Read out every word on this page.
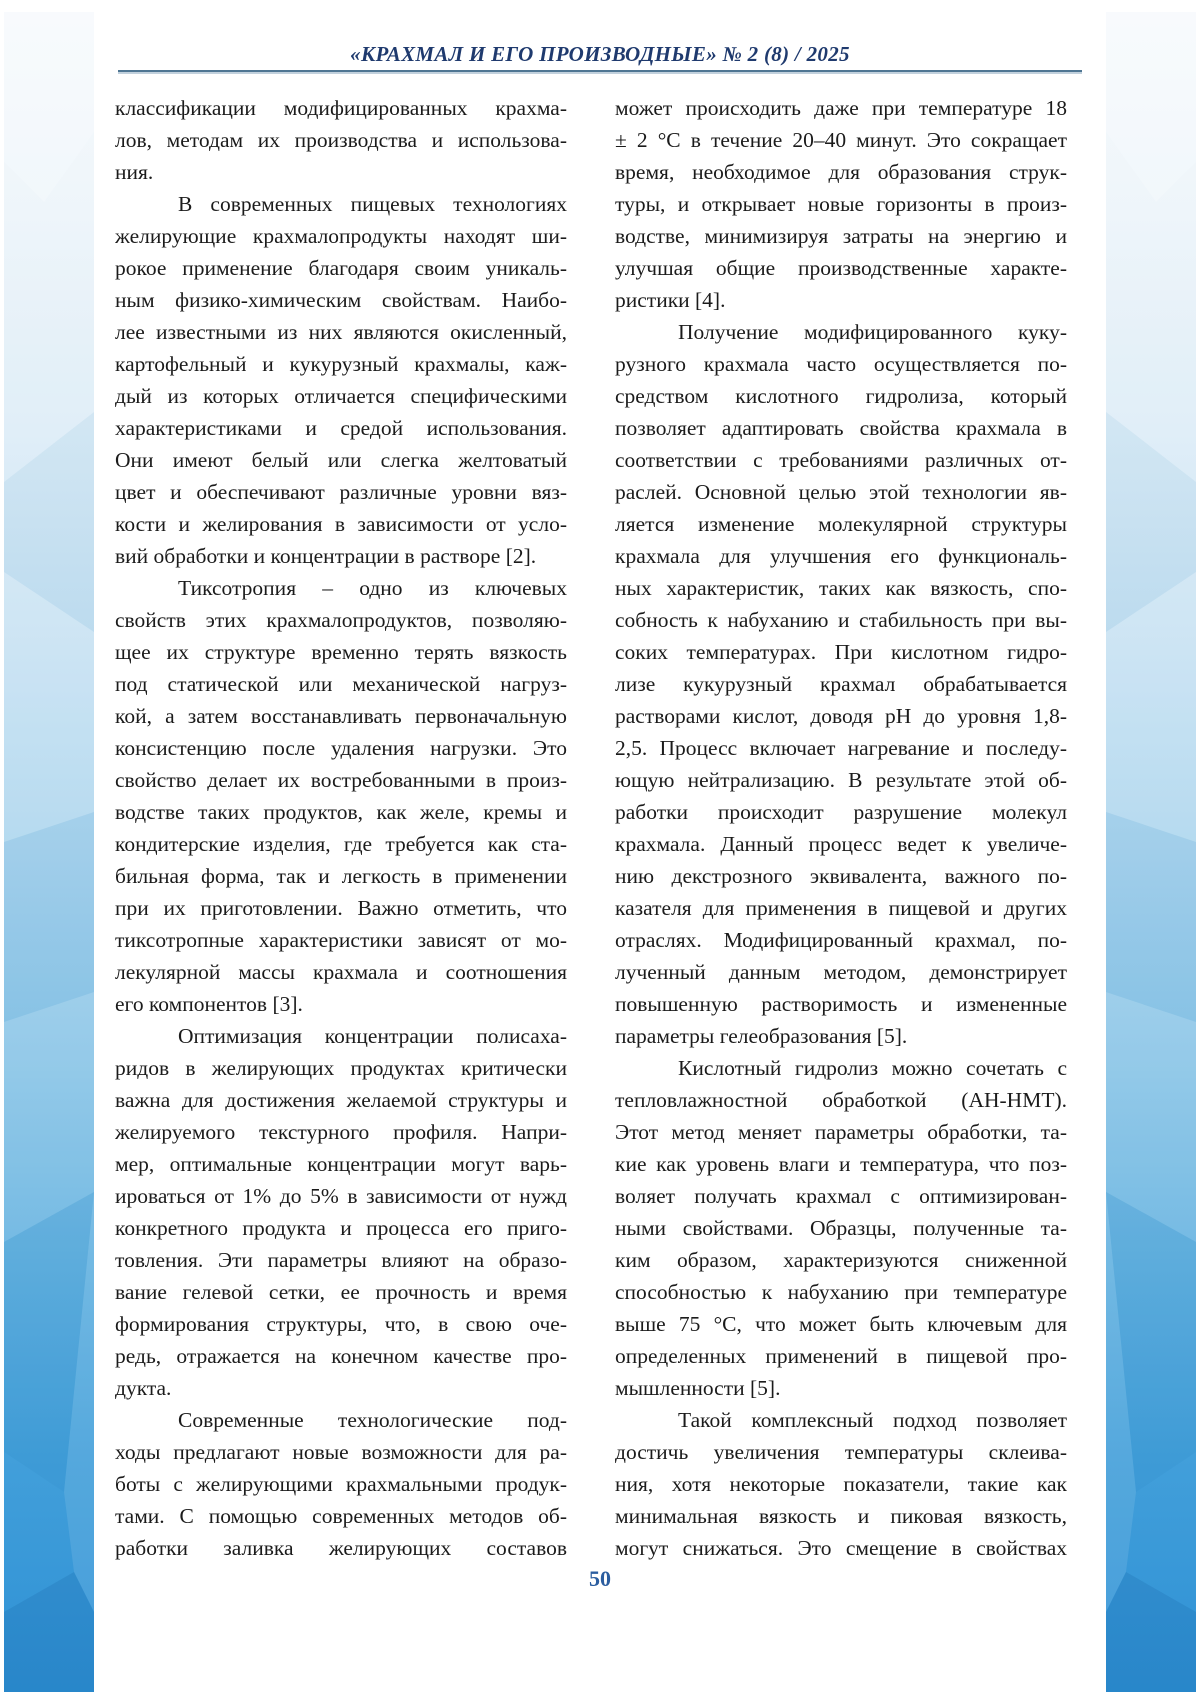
«КРАХМАЛ И ЕГО ПРОИЗВОДНЫЕ» № 2 (8) / 2025
классификации модифицированных крахма-
лов, методам их производства и использова-
ния.
В современных пищевых технологиях
желирующие крахмалопродукты находят ши-
рокое применение благодаря своим уникаль-
ным физико-химическим свойствам. Наибо-
лее известными из них являются окисленный,
картофельный и кукурузный крахмалы, каж-
дый из которых отличается специфическими
характеристиками и средой использования.
Они имеют белый или слегка желтоватый
цвет и обеспечивают различные уровни вяз-
кости и желирования в зависимости от усло-
вий обработки и концентрации в растворе [2].
Тиксотропия – одно из ключевых
свойств этих крахмалопродуктов, позволяю-
щее их структуре временно терять вязкость
под статической или механической нагруз-
кой, а затем восстанавливать первоначальную
консистенцию после удаления нагрузки. Это
свойство делает их востребованными в произ-
водстве таких продуктов, как желе, кремы и
кондитерские изделия, где требуется как ста-
бильная форма, так и легкость в применении
при их приготовлении. Важно отметить, что
тиксотропные характеристики зависят от мо-
лекулярной массы крахмала и соотношения
его компонентов [3].
Оптимизация концентрации полисаха-
ридов в желирующих продуктах критически
важна для достижения желаемой структуры и
желируемого текстурного профиля. Напри-
мер, оптимальные концентрации могут варь-
ироваться от 1% до 5% в зависимости от нужд
конкретного продукта и процесса его приго-
товления. Эти параметры влияют на образо-
вание гелевой сетки, ее прочность и время
формирования структуры, что, в свою оче-
редь, отражается на конечном качестве про-
дукта.
Современные технологические под-
ходы предлагают новые возможности для ра-
боты с желирующими крахмальными продук-
тами. С помощью современных методов об-
работки заливка желирующих составов
может происходить даже при температуре 18
± 2 °С в течение 20–40 минут. Это сокращает
время, необходимое для образования струк-
туры, и открывает новые горизонты в произ-
водстве, минимизируя затраты на энергию и
улучшая общие производственные характе-
ристики [4].
Получение модифицированного куку-
рузного крахмала часто осуществляется по-
средством кислотного гидролиза, который
позволяет адаптировать свойства крахмала в
соответствии с требованиями различных от-
раслей. Основной целью этой технологии яв-
ляется изменение молекулярной структуры
крахмала для улучшения его функциональ-
ных характеристик, таких как вязкость, спо-
собность к набуханию и стабильность при вы-
соких температурах. При кислотном гидро-
лизе кукурузный крахмал обрабатывается
растворами кислот, доводя рН до уровня 1,8-
2,5. Процесс включает нагревание и последу-
ющую нейтрализацию. В результате этой об-
работки происходит разрушение молекул
крахмала. Данный процесс ведет к увеличе-
нию декстрозного эквивалента, важного по-
казателя для применения в пищевой и других
отраслях. Модифицированный крахмал, по-
лученный данным методом, демонстрирует
повышенную растворимость и измененные
параметры гелеобразования [5].
Кислотный гидролиз можно сочетать с
тепловлажностной обработкой (АН-НМТ).
Этот метод меняет параметры обработки, та-
кие как уровень влаги и температура, что поз-
воляет получать крахмал с оптимизирован-
ными свойствами. Образцы, полученные та-
ким образом, характеризуются сниженной
способностью к набуханию при температуре
выше 75 °С, что может быть ключевым для
определенных применений в пищевой про-
мышленности [5].
Такой комплексный подход позволяет
достичь увеличения температуры склеива-
ния, хотя некоторые показатели, такие как
минимальная вязкость и пиковая вязкость,
могут снижаться. Это смещение в свойствах
50
